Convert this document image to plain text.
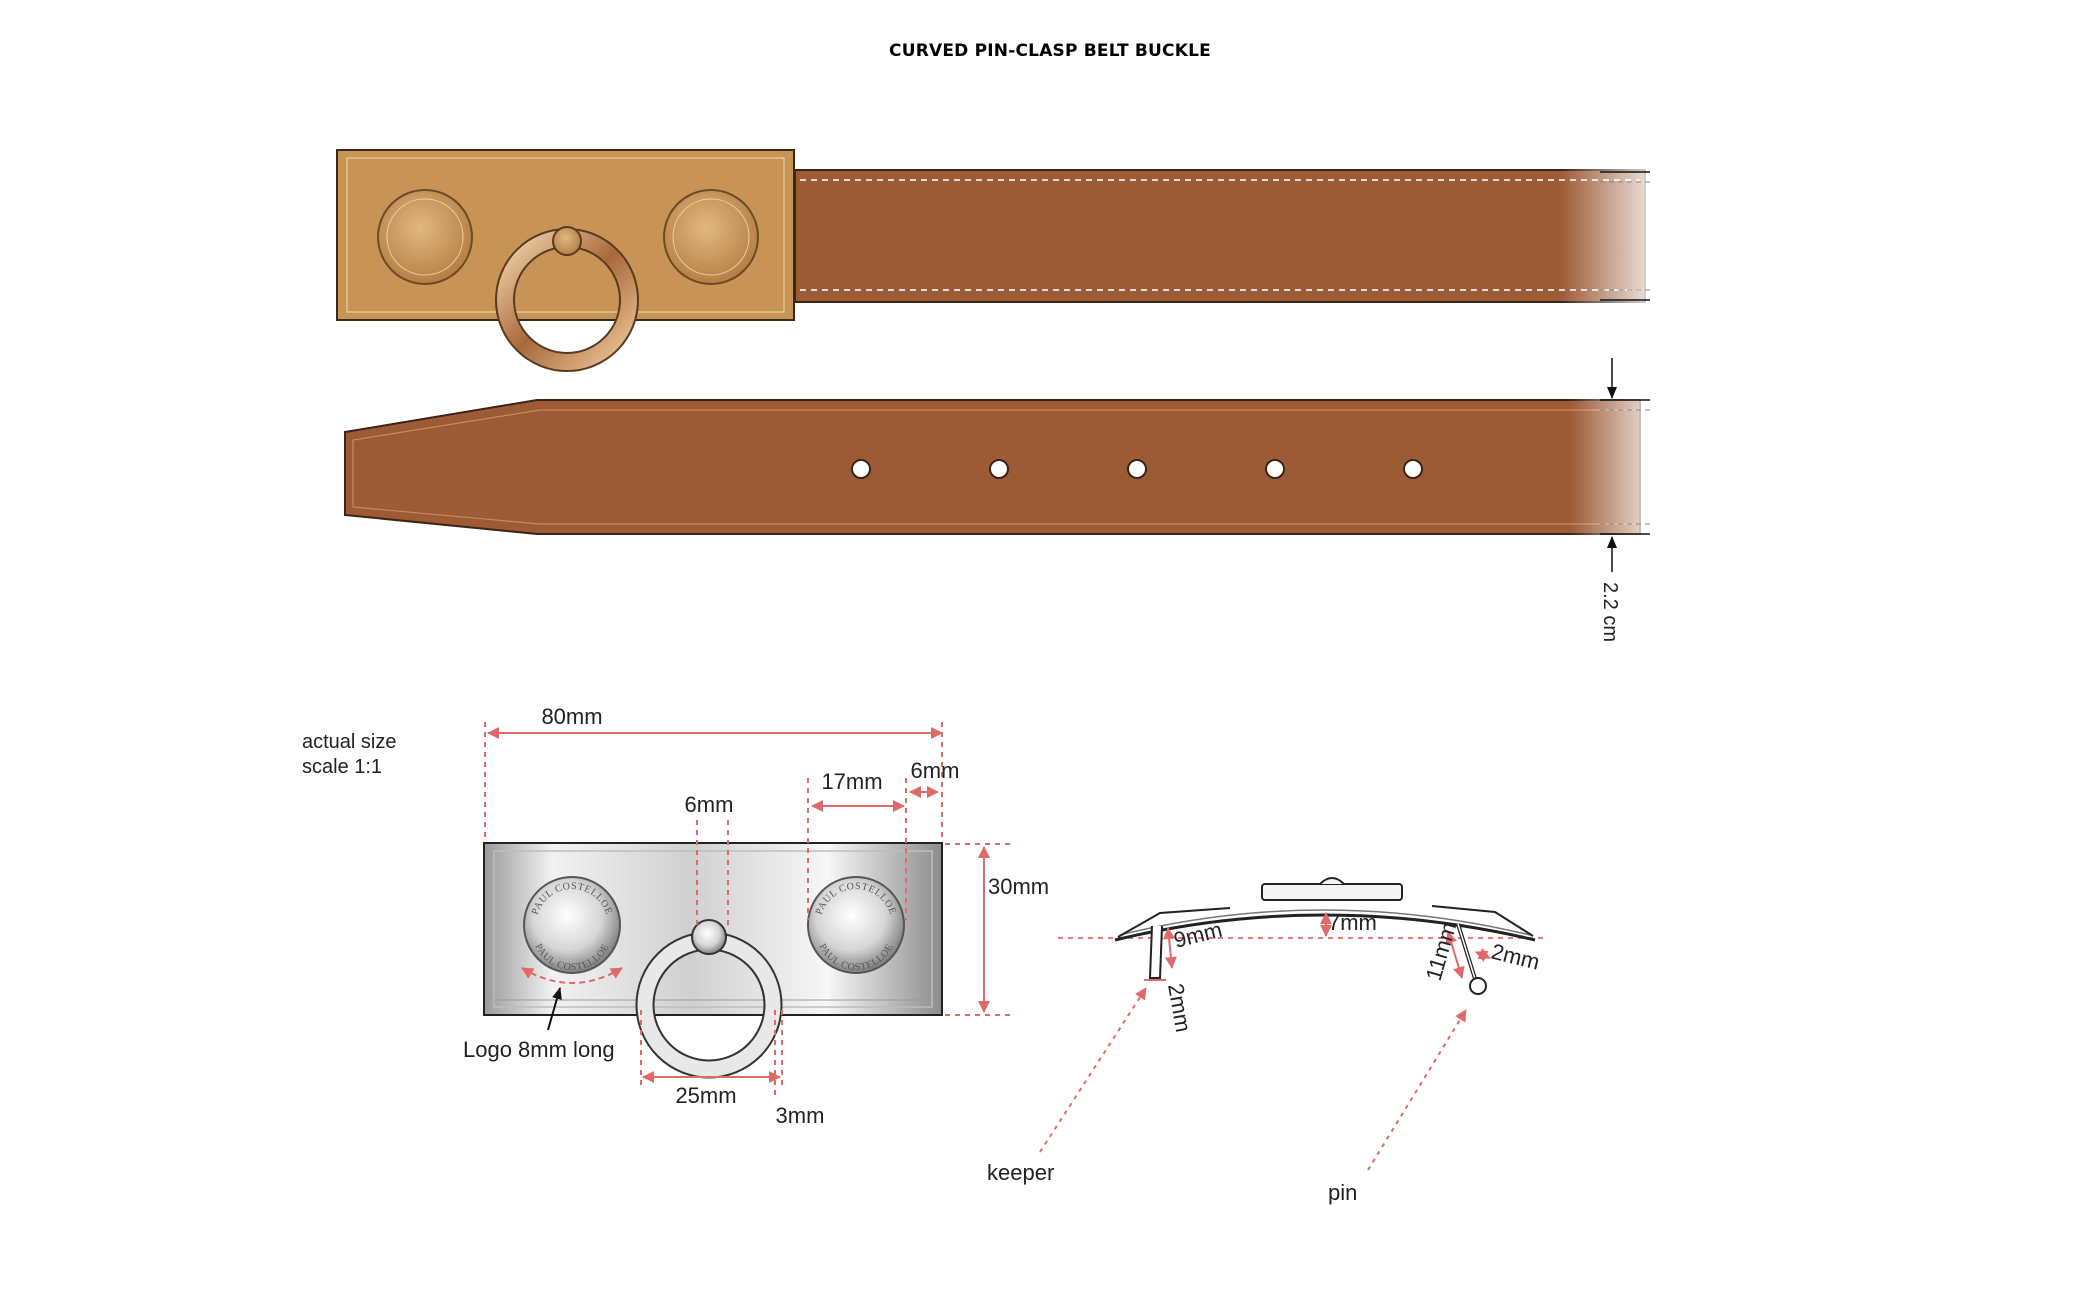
CURVED PIN-CLASP BELT BUCKLE
2.2 cm
actual size
scale 1:1
PAUL COSTELLOE
PAUL COSTELLOE
PAUL COSTELLOE
PAUL COSTELLOE
80mm
17mm 6mm
6mm
30mm
25mm
3mm
Logo 8mm long
7mm
9mm
2mm
11mm 2mm
keeper
pin
